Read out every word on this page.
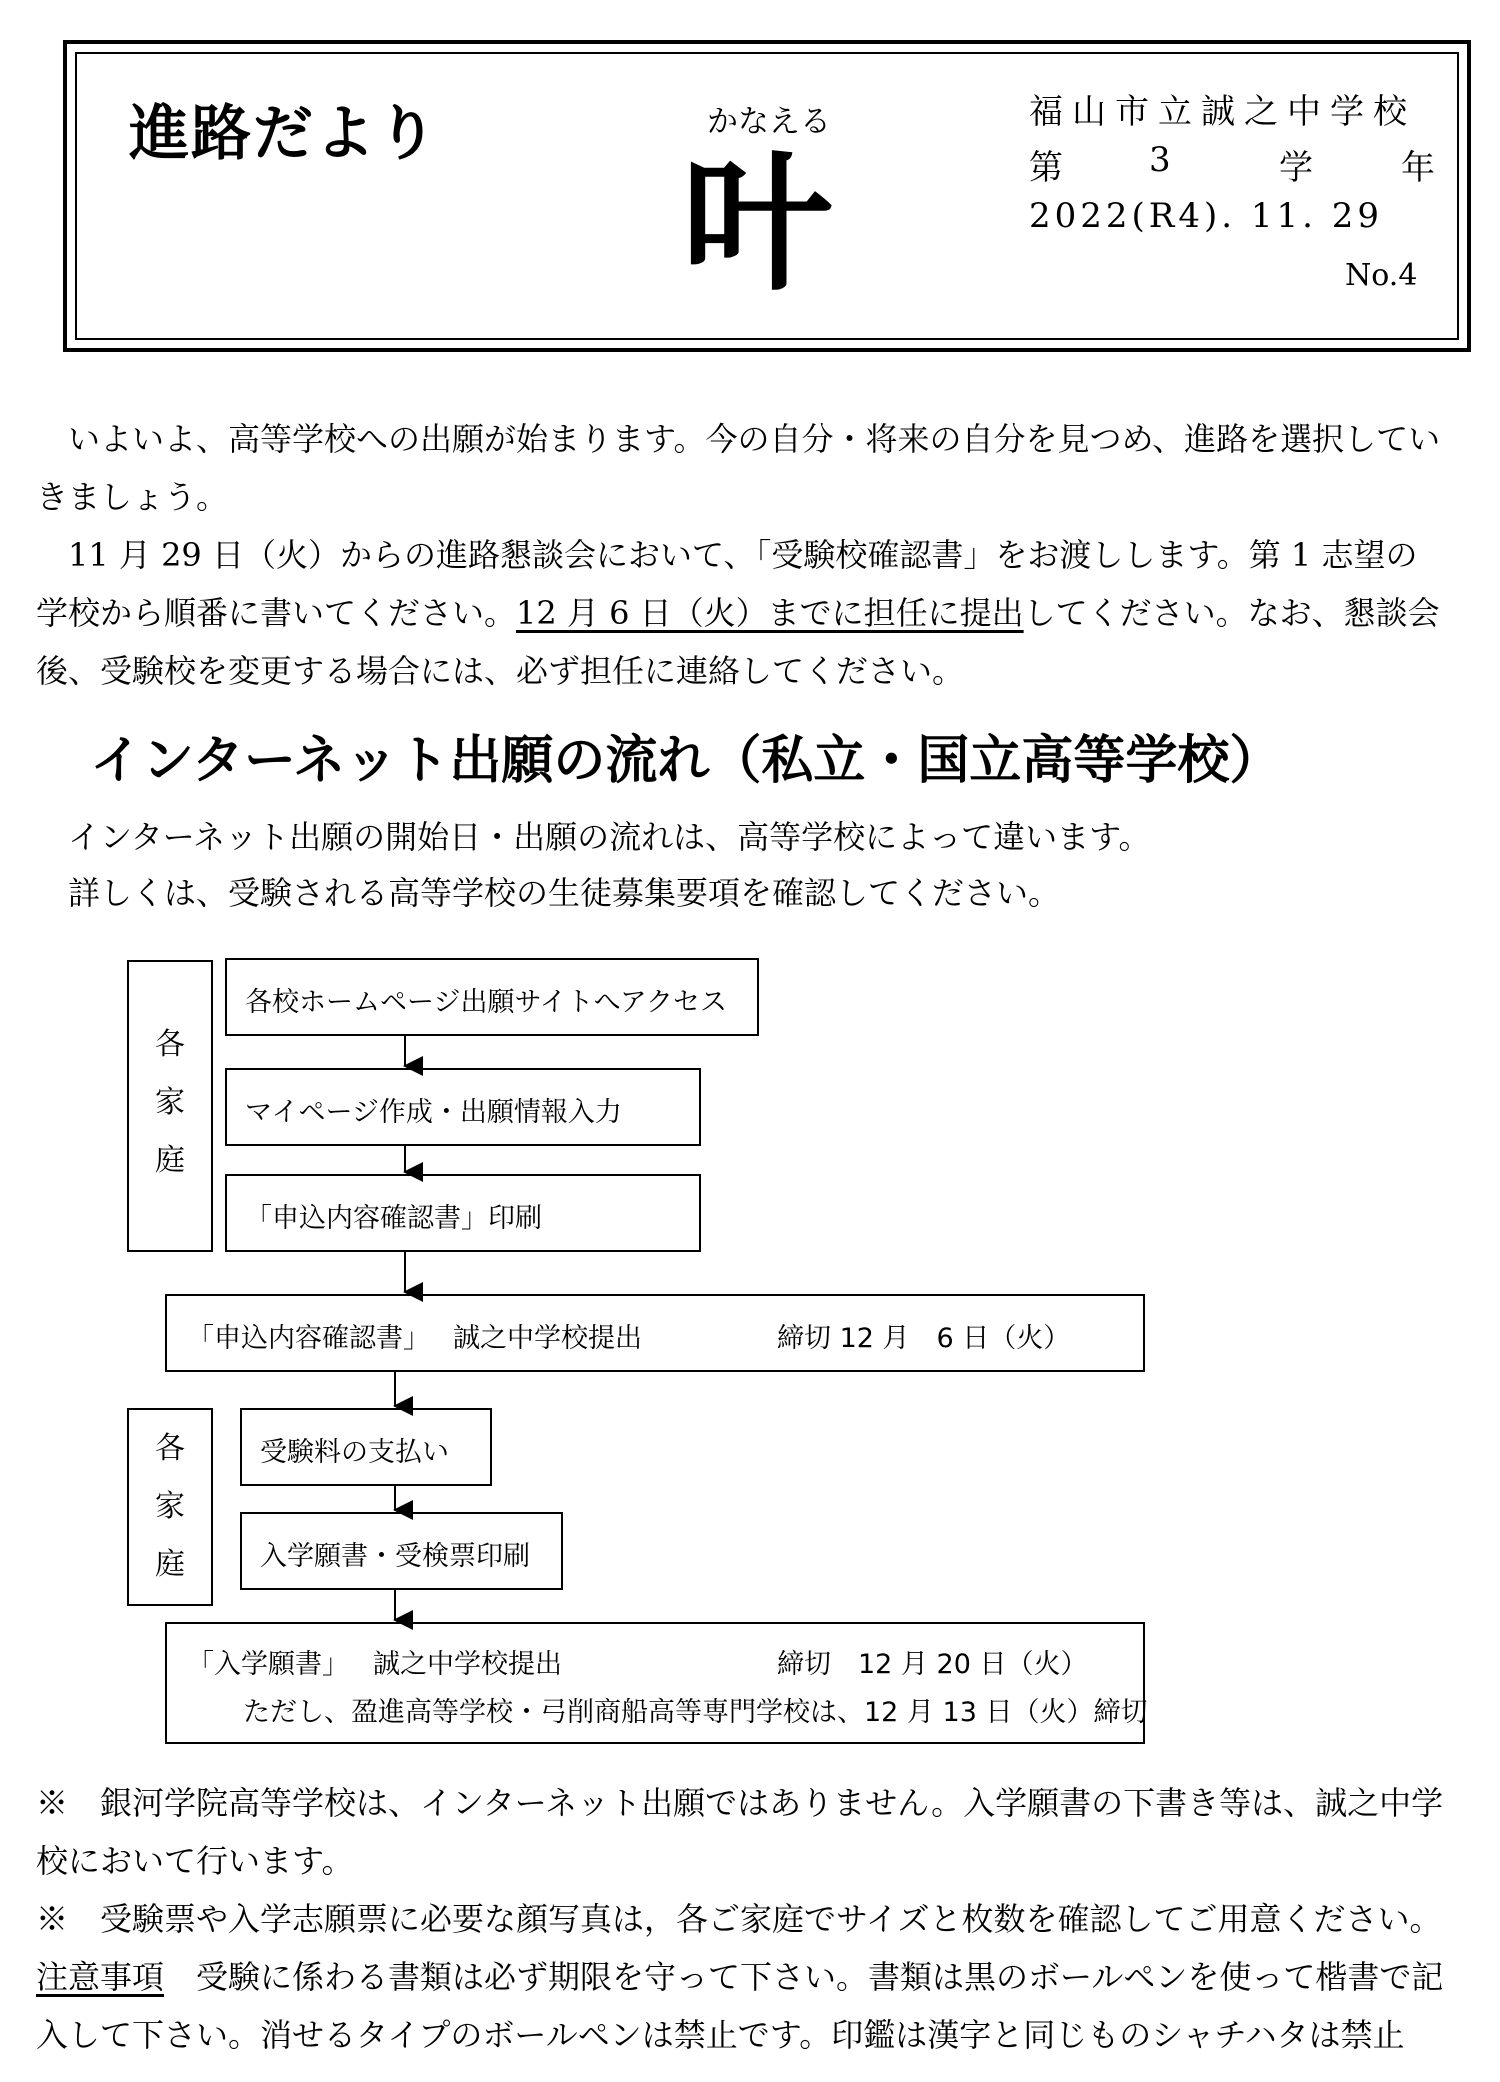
進路だより	かなえる
叶
福山市立誠之中学校
第	3	学	年
2022(R4). 11. 29
No.4

いよいよ、高等学校への出願が始まります。今の自分・将来の自分を見つめ、進路を選択していきましょう。

11 月 29 日（火）からの進路懇談会において、「受験校確認書」をお渡しします。第 1 志望の学校から順番に書いてください。12 月 6 日（火）までに担任に提出してください。なお、懇談会後、受験校を変更する場合には、必ず担任に連絡してください。

インターネット出願の流れ（私立・国立高等学校）
インターネット出願の開始日・出願の流れは、高等学校によって違います。
詳しくは、受験される高等学校の生徒募集要項を確認してください。
各
家
庭
各校ホームページ出願サイトへアクセス
マイページ作成・出願情報入力
「申込内容確認書」印刷
「申込内容確認書」 誠之中学校提出	締切 12 月　6 日（火）
各
家
庭
受験料の支払い
入学願書・受検票印刷
「入学願書」 誠之中学校提出	締切　12 月 20 日（火）
ただし、盈進高等学校・弓削商船高等専門学校は、12 月 13 日（火）締切

※　 銀河学院高等学校は、インターネット出願ではありません。入学願書の下書き等は、誠之中学校において行います。

※　 受験票や入学志願票に必要な顔写真は，各ご家庭でサイズと枚数を確認してご用意ください。

注意事項　 受験に係わる書類は必ず期限を守って下さい。書類は黒のボールペンを使って楷書で記入して下さい。消せるタイプのボールペンは禁止です。印鑑は漢字と同じものシャチハタは禁止
